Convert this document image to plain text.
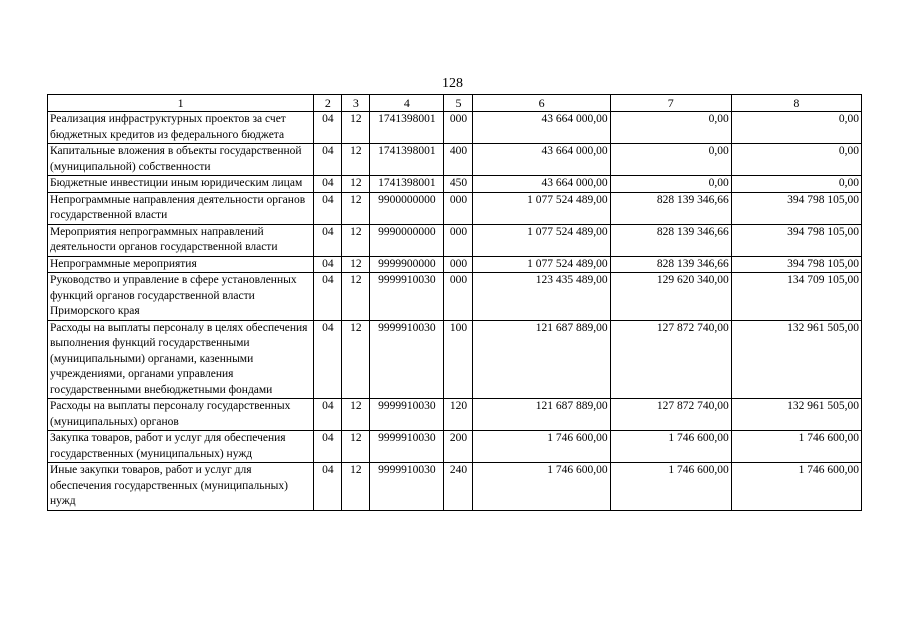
128
1	2	3	4	5	6	7	8
Реализация инфраструктурных проектов за счет бюджетных кредитов из федерального бюджета	04	12	1741398001	000	43 664 000,00	0,00	0,00
Капитальные вложения в объекты государственной (муниципальной) собственности	04	12	1741398001	400	43 664 000,00	0,00	0,00
Бюджетные инвестиции иным юридическим лицам	04	12	1741398001	450	43 664 000,00	0,00	0,00
Непрограммные направления деятельности органов государственной власти	04	12	9900000000	000	1 077 524 489,00	828 139 346,66	394 798 105,00
Мероприятия непрограммных направлений деятельности органов государственной власти	04	12	9990000000	000	1 077 524 489,00	828 139 346,66	394 798 105,00
Непрограммные мероприятия	04	12	9999900000	000	1 077 524 489,00	828 139 346,66	394 798 105,00
Руководство и управление в сфере установленных функций органов государственной власти Приморского края	04	12	9999910030	000	123 435 489,00	129 620 340,00	134 709 105,00
Расходы на выплаты персоналу в целях обеспечения выполнения функций государственными (муниципальными) органами, казенными учреждениями, органами управления государственными внебюджетными фондами	04	12	9999910030	100	121 687 889,00	127 872 740,00	132 961 505,00
Расходы на выплаты персоналу государственных (муниципальных) органов	04	12	9999910030	120	121 687 889,00	127 872 740,00	132 961 505,00
Закупка товаров, работ и услуг для обеспечения государственных (муниципальных) нужд	04	12	9999910030	200	1 746 600,00	1 746 600,00	1 746 600,00
Иные закупки товаров, работ и услуг для обеспечения государственных (муниципальных) нужд	04	12	9999910030	240	1 746 600,00	1 746 600,00	1 746 600,00
